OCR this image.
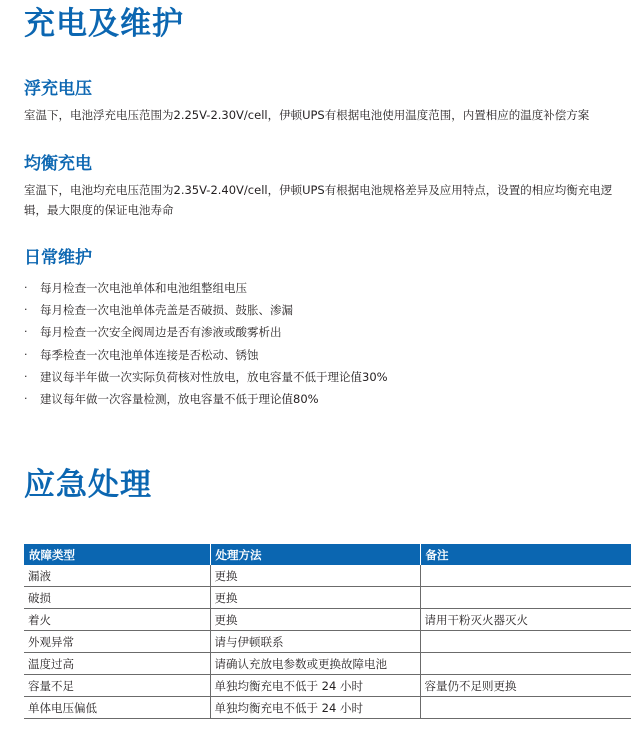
充电及维护
浮充电压

室温下，电池浮充电压范围为2.25V-2.30V/cell，伊顿UPS有根据电池使用温度范围，内置相应的温度补偿方案

均衡充电

室温下，电池均充电压范围为2.35V-2.40V/cell，伊顿UPS有根据电池规格差异及应用特点，设置的相应均衡充电逻辑，最大限度的保证电池寿命

日常维护
·	每月检查一次电池单体和电池组整组电压
·	每月检查一次电池单体壳盖是否破损、鼓胀、渗漏
·	每月检查一次安全阀周边是否有渗液或酸雾析出
·	每季检查一次电池单体连接是否松动、锈蚀
·	建议每半年做一次实际负荷核对性放电，放电容量不低于理论值30%
·	建议每年做一次容量检测，放电容量不低于理论值80%
应急处理
故障类型	处理方法	备注
漏液	更换	
破损	更换	
着火	更换	请用干粉灭火器灭火
外观异常	请与伊顿联系	
温度过高	请确认充放电参数或更换故障电池	
容量不足	单独均衡充电不低于 24 小时	容量仍不足则更换
单体电压偏低	单独均衡充电不低于 24 小时	
